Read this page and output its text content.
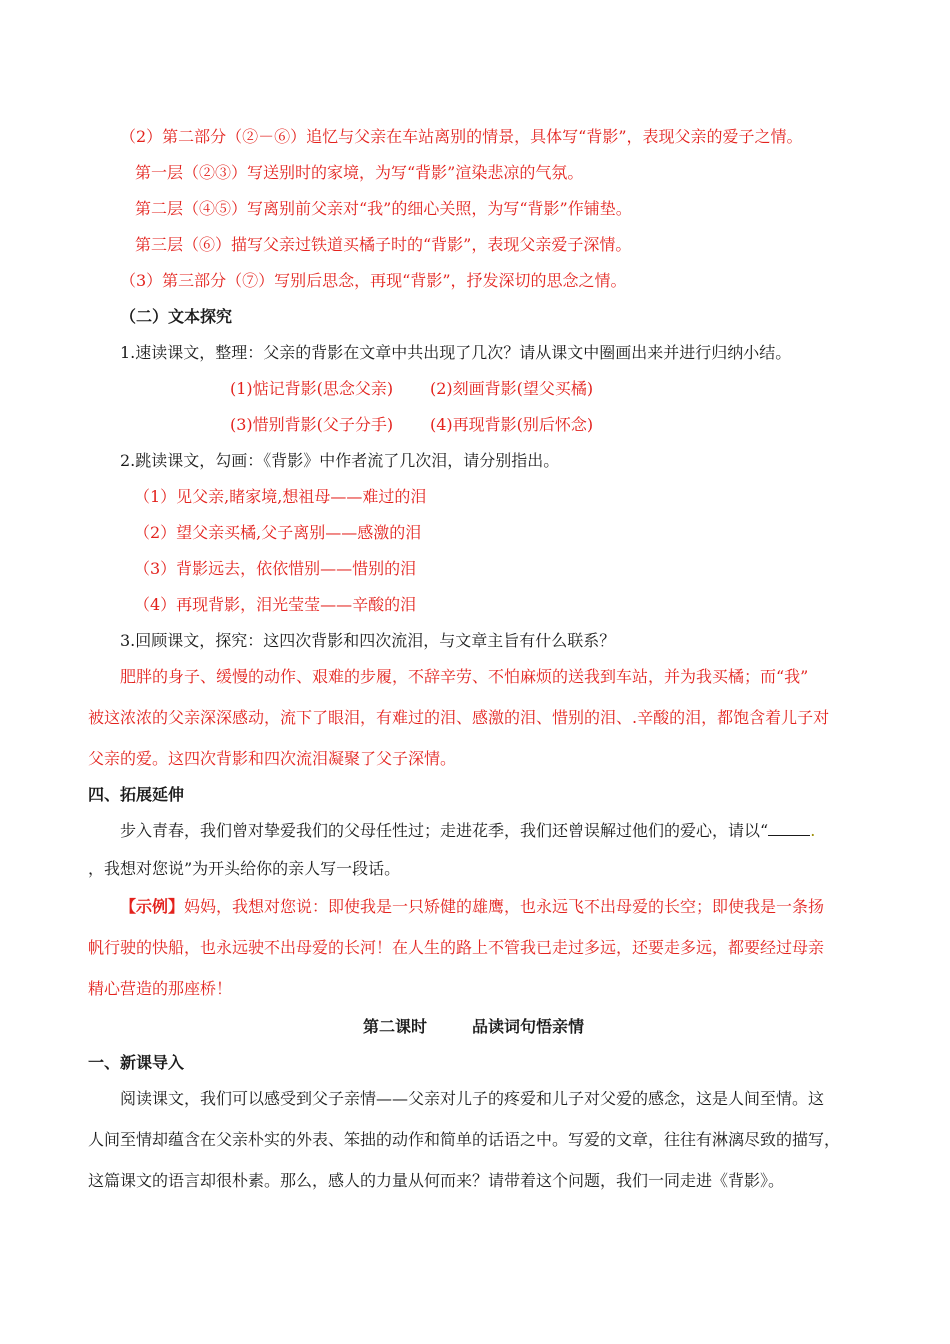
（2）第二部分（②－⑥）追忆与父亲在车站离别的情景，具体写“背影”，表现父亲的爱子之情。
第一层（②③）写送别时的家境，为写“背影”渲染悲凉的气氛。
第二层（④⑤）写离别前父亲对“我”的细心关照，为写“背影”作铺垫。
第三层（⑥）描写父亲过铁道买橘子时的“背影”，表现父亲爱子深情。
（3）第三部分（⑦）写别后思念，再现“背影”，抒发深切的思念之情。
（二）文本探究
1.速读课文，整理：父亲的背影在文章中共出现了几次？请从课文中圈画出来并进行归纳小结。
(1)惦记背影(思念父亲) (2)刻画背影(望父买橘)
(3)惜别背影(父子分手) (4)再现背影(别后怀念)
2.跳读课文，勾画：《背影》中作者流了几次泪，请分别指出。
（1）见父亲,睹家境,想祖母——难过的泪
（2）望父亲买橘,父子离别——感激的泪
（3）背影远去，依依惜别——惜别的泪
（4）再现背影，泪光莹莹——辛酸的泪
3.回顾课文，探究：这四次背影和四次流泪，与文章主旨有什么联系？
肥胖的身子、缓慢的动作、艰难的步履，不辞辛劳、不怕麻烦的送我到车站，并为我买橘；而“我”
被这浓浓的父亲深深感动，流下了眼泪，有难过的泪、感激的泪、惜别的泪、.辛酸的泪，都饱含着儿子对
父亲的爱。这四次背影和四次流泪凝聚了父子深情。
四、拓展延伸
步入青春，我们曾对挚爱我们的父母任性过；走进花季，我们还曾误解过他们的爱心，请以“	.
，我想对您说”为开头给你的亲人写一段话。
【示例】妈妈，我想对您说：即使我是一只矫健的雄鹰，也永远飞不出母爱的长空；即使我是一条扬
帆行驶的快船，也永远驶不出母爱的长河！在人生的路上不管我已走过多远，还要走多远，都要经过母亲
精心营造的那座桥！
第二课时	品读词句悟亲情
一、新课导入
阅读课文，我们可以感受到父子亲情——父亲对儿子的疼爱和儿子对父爱的感念，这是人间至情。这
人间至情却蕴含在父亲朴实的外表、笨拙的动作和简单的话语之中。写爱的文章，往往有淋漓尽致的描写，
这篇课文的语言却很朴素。那么，感人的力量从何而来？请带着这个问题，我们一同走进《背影》。
